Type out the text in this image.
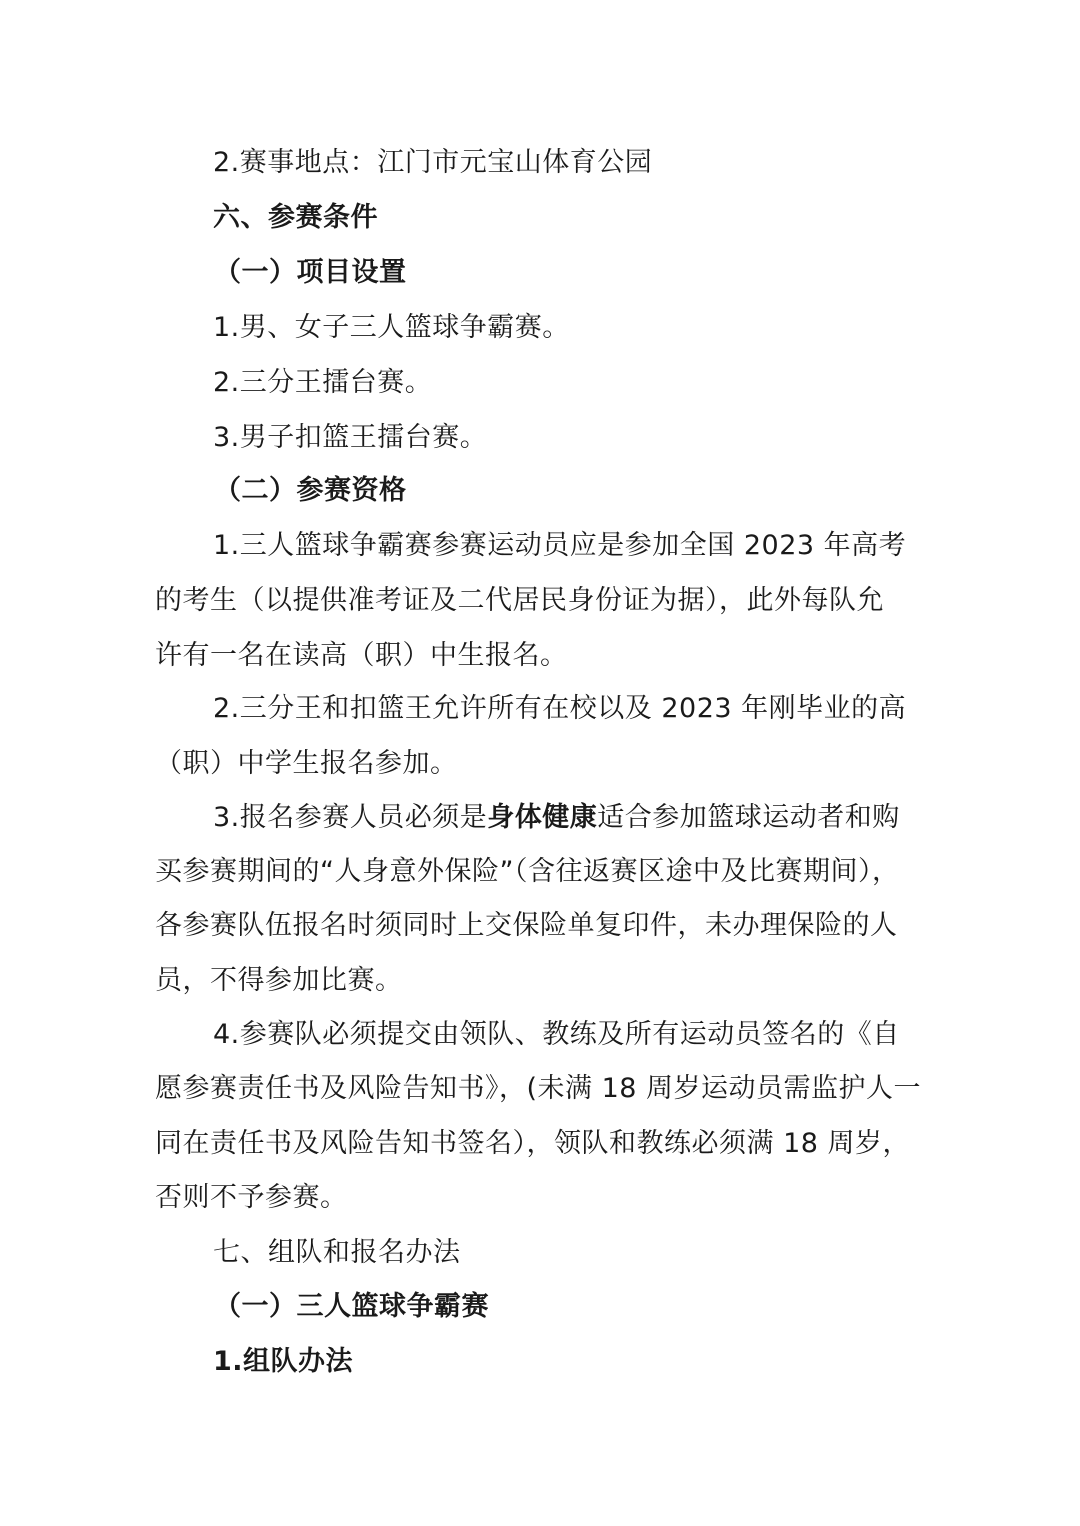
2.赛事地点：江门市元宝山体育公园
六、参赛条件
（一）项目设置
1.男、女子三人篮球争霸赛。
2.三分王擂台赛。
3.男子扣篮王擂台赛。
（二）参赛资格
1.三人篮球争霸赛参赛运动员应是参加全国 2023 年高考
的考生（以提供准考证及二代居民身份证为据），此外每队允
许有一名在读高（职）中生报名。
2.三分王和扣篮王允许所有在校以及 2023 年刚毕业的高
（职）中学生报名参加。
3.报名参赛人员必须是身体健康适合参加篮球运动者和购
买参赛期间的“人身意外保险”（含往返赛区途中及比赛期间），
各参赛队伍报名时须同时上交保险单复印件，未办理保险的人
员，不得参加比赛。
4.参赛队必须提交由领队、教练及所有运动员签名的《自
愿参赛责任书及风险告知书》，(未满 18 周岁运动员需监护人一
同在责任书及风险告知书签名），领队和教练必须满 18 周岁，
否则不予参赛。
七、组队和报名办法
（一）三人篮球争霸赛
1.组队办法
